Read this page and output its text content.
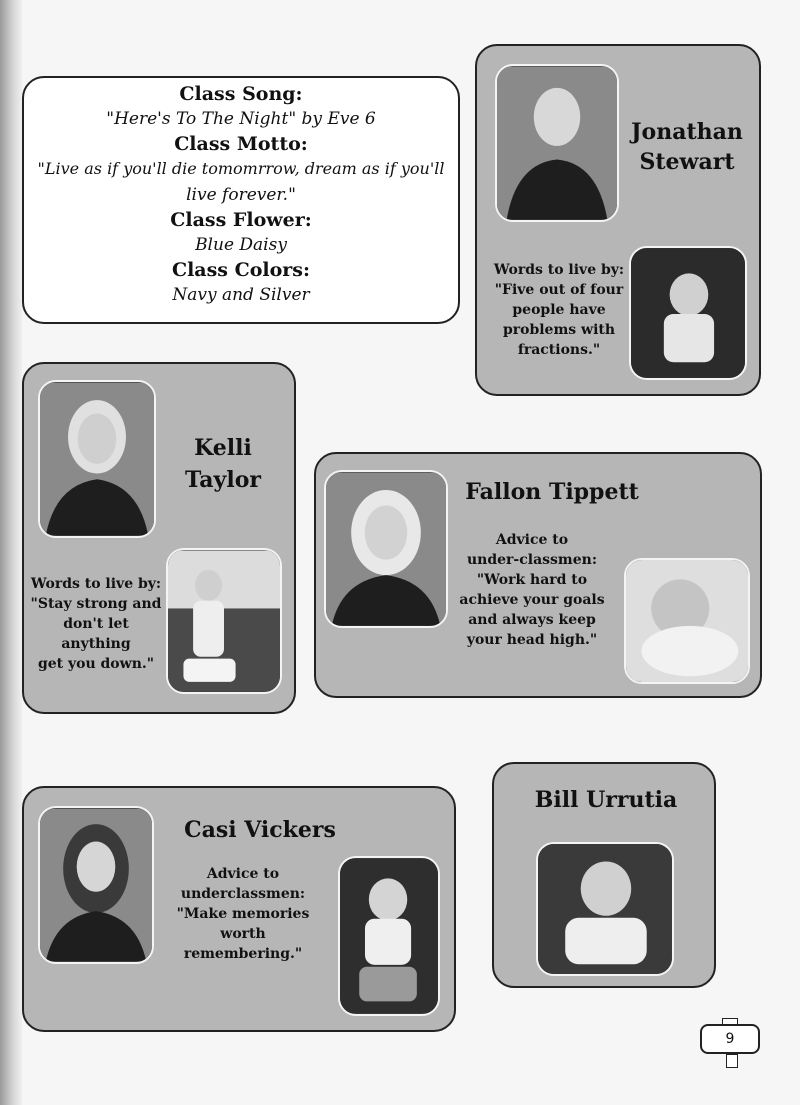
Class Song:
"Here's To The Night" by Eve 6
Class Motto:
"Live as if you'll die tomomrrow, dream as if you'll
live forever."
Class Flower:
Blue Daisy
Class Colors:
Navy and Silver
Jonathan
Stewart
Words to live by:
"Five out of four
people have
problems with
fractions."
Kelli
Taylor
Words to live by:
"Stay strong and
don't let anything
get you down."
Fallon Tippett
Advice to
under-classmen:
"Work hard to
achieve your goals
and always keep
your head high."
Casi Vickers
Advice to
underclassmen:
"Make memories
worth remembering."
Bill Urrutia
9
